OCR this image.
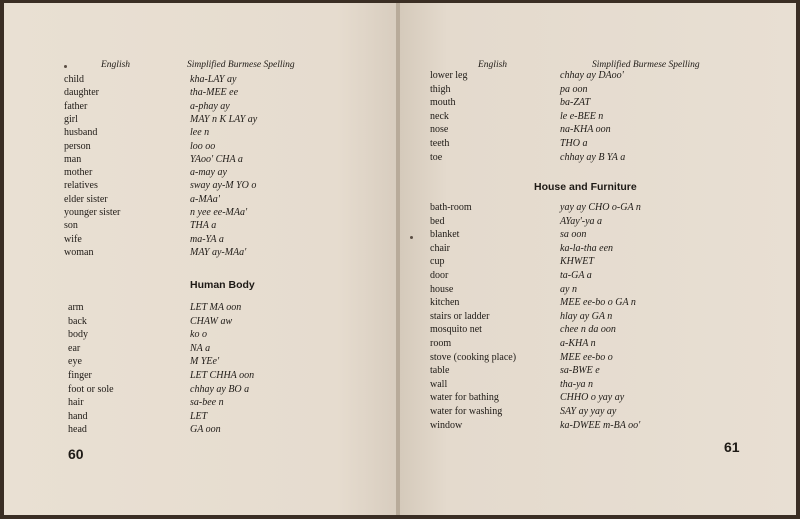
English	Simplified Burmese Spelling
child	kha-LAY ay
daughter	tha-MEE ee
father	a-phay ay
girl	MAY n K LAY ay
husband	lee n
person	loo oo
man	YAoo' CHA a
mother	a-may ay
relatives	sway ay-M YO o
elder sister	a-MAa'
younger sister	n yee ee-MAa'
son	THA a
wife	ma-YA a
woman	MAY ay-MAa'
Human Body
arm	LET MA oon
back	CHAW aw
body	ko o
ear	NA a
eye	M YEe'
finger	LET CHHA oon
foot or sole	chhay ay BO a
hair	sa-bee n
hand	LET
head	GA oon
60
English	Simplified Burmese Spelling
lower leg	chhay ay DAoo'
thigh	pa oon
mouth	ba-ZAT
neck	le e-BEE n
nose	na-KHA oon
teeth	THO a
toe	chhay ay B YA a
House and Furniture
bath-room	yay ay CHO o-GA n
bed	AYay'-ya a
blanket	sa oon
chair	ka-la-tha een
cup	KHWET
door	ta-GA a
house	ay n
kitchen	MEE ee-bo o GA n
stairs or ladder	hlay ay GA n
mosquito net	chee n da oon
room	a-KHA n
stove (cooking place)	MEE ee-bo o
table	sa-BWE e
wall	tha-ya n
water for bathing	CHHO o yay ay
water for washing	SAY ay yay ay
window	ka-DWEE m-BA oo'
61
